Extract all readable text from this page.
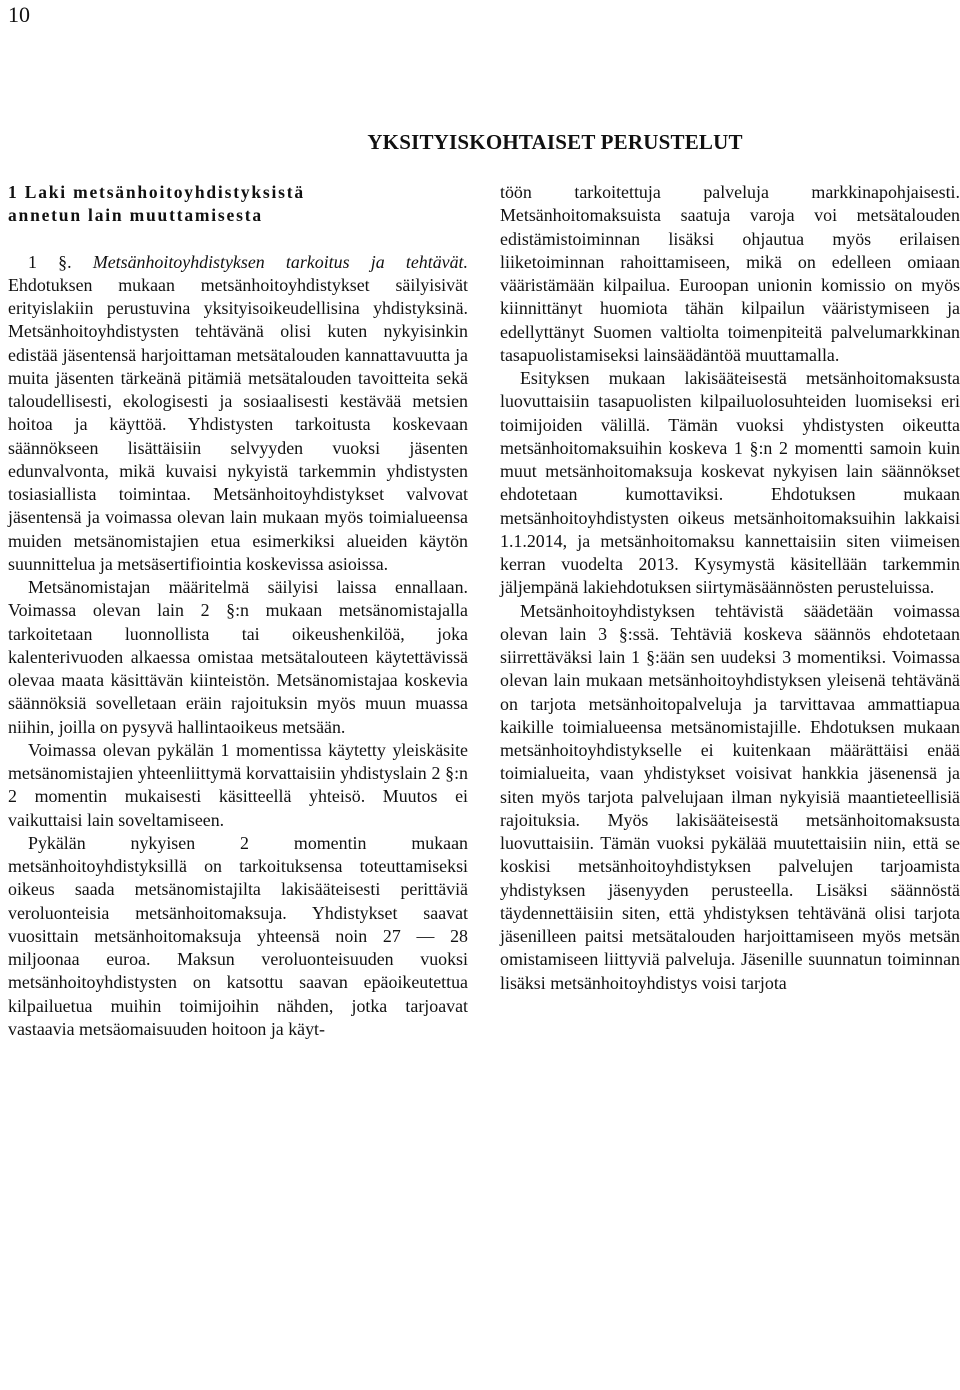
10
YKSITYISKOHTAISET PERUSTELUT
1 Laki metsänhoitoyhdistyksistä
annetun lain muuttamisesta

1 §. Metsänhoitoyhdistyksen tarkoitus ja tehtävät. Ehdotuksen mukaan metsänhoitoyhdistykset säilyisivät erityislakiin perustuvina yksityisoikeudellisina yhdistyksinä. Metsänhoitoyhdistysten tehtävänä olisi kuten nykyisinkin edistää jäsentensä harjoittaman metsätalouden kannattavuutta ja muita jäsenten tärkeänä pitämiä metsätalouden tavoitteita sekä taloudellisesti, ekologisesti ja sosiaalisesti kestävää metsien hoitoa ja käyttöä. Yhdistysten tarkoitusta koskevaan säännökseen lisättäisiin selvyyden vuoksi jäsenten edunvalvonta, mikä kuvaisi nykyistä tarkemmin yhdistysten tosiasiallista toimintaa. Metsänhoitoyhdistykset valvovat jäsentensä ja voimassa olevan lain mukaan myös toimialueensa muiden metsänomistajien etua esimerkiksi alueiden käytön suunnittelua ja metsäsertifiointia koskevissa asioissa.

Metsänomistajan määritelmä säilyisi laissa ennallaan. Voimassa olevan lain 2 §:n mukaan metsänomistajalla tarkoitetaan luonnollista tai oikeushenkilöä, joka kalenterivuoden alkaessa omistaa metsätalouteen käytettävissä olevaa maata käsittävän kiinteistön. Metsänomistajaa koskevia säännöksiä sovelletaan eräin rajoituksin myös muun muassa niihin, joilla on pysyvä hallintaoikeus metsään.

Voimassa olevan pykälän 1 momentissa käytetty yleiskäsite metsänomistajien yhteenliittymä korvattaisiin yhdistyslain 2 §:n 2 momentin mukaisesti käsitteellä yhteisö. Muutos ei vaikuttaisi lain soveltamiseen.

Pykälän nykyisen 2 momentin mukaan metsänhoitoyhdistyksillä on tarkoituksensa toteuttamiseksi oikeus saada metsänomistajilta lakisääteisesti perittäviä veroluonteisia metsänhoitomaksuja. Yhdistykset saavat vuosittain metsänhoitomaksuja yhteensä noin 27 — 28 miljoonaa euroa. Maksun veroluonteisuuden vuoksi metsänhoitoyhdistysten on katsottu saavan epäoikeutettua kilpailuetua muihin toimijoihin nähden, jotka tarjoavat vastaavia metsäomaisuuden hoitoon ja käyt-

töön tarkoitettuja palveluja markkinapohjaisesti. Metsänhoitomaksuista saatuja varoja voi metsätalouden edistämistoiminnan lisäksi ohjautua myös erilaisen liiketoiminnan rahoittamiseen, mikä on edelleen omiaan vääristämään kilpailua. Euroopan unionin komissio on myös kiinnittänyt huomiota tähän kilpailun vääristymiseen ja edellyttänyt Suomen valtiolta toimenpiteitä palvelumarkkinan tasapuolistamiseksi lainsäädäntöä muuttamalla.

Esityksen mukaan lakisääteisestä metsänhoitomaksusta luovuttaisiin tasapuolisten kilpailuolosuhteiden luomiseksi eri toimijoiden välillä. Tämän vuoksi yhdistysten oikeutta metsänhoitomaksuihin koskeva 1 §:n 2 momentti samoin kuin muut metsänhoitomaksuja koskevat nykyisen lain säännökset ehdotetaan kumottaviksi. Ehdotuksen mukaan metsänhoitoyhdistysten oikeus metsänhoitomaksuihin lakkaisi 1.1.2014, ja metsänhoitomaksu kannettaisiin siten viimeisen kerran vuodelta 2013. Kysymystä käsitellään tarkemmin jäljempänä lakiehdotuksen siirtymäsäännösten perusteluissa.

Metsänhoitoyhdistyksen tehtävistä säädetään voimassa olevan lain 3 §:ssä. Tehtäviä koskeva säännös ehdotetaan siirrettäväksi lain 1 §:ään sen uudeksi 3 momentiksi. Voimassa olevan lain mukaan metsänhoitoyhdistyksen yleisenä tehtävänä on tarjota metsänhoitopalveluja ja tarvittavaa ammattiapua kaikille toimialueensa metsänomistajille. Ehdotuksen mukaan metsänhoitoyhdistykselle ei kuitenkaan määrättäisi enää toimialueita, vaan yhdistykset voisivat hankkia jäsenensä ja siten myös tarjota palvelujaan ilman nykyisiä maantieteellisiä rajoituksia. Myös lakisääteisestä metsänhoitomaksusta luovuttaisiin. Tämän vuoksi pykälää muutettaisiin niin, että se koskisi metsänhoitoyhdistyksen palvelujen tarjoamista yhdistyksen jäsenyyden perusteella. Lisäksi säännöstä täydennettäisiin siten, että yhdistyksen tehtävänä olisi tarjota jäsenilleen paitsi metsätalouden harjoittamiseen myös metsän omistamiseen liittyviä palveluja. Jäsenille suunnatun toiminnan lisäksi metsänhoitoyhdistys voisi tarjota
